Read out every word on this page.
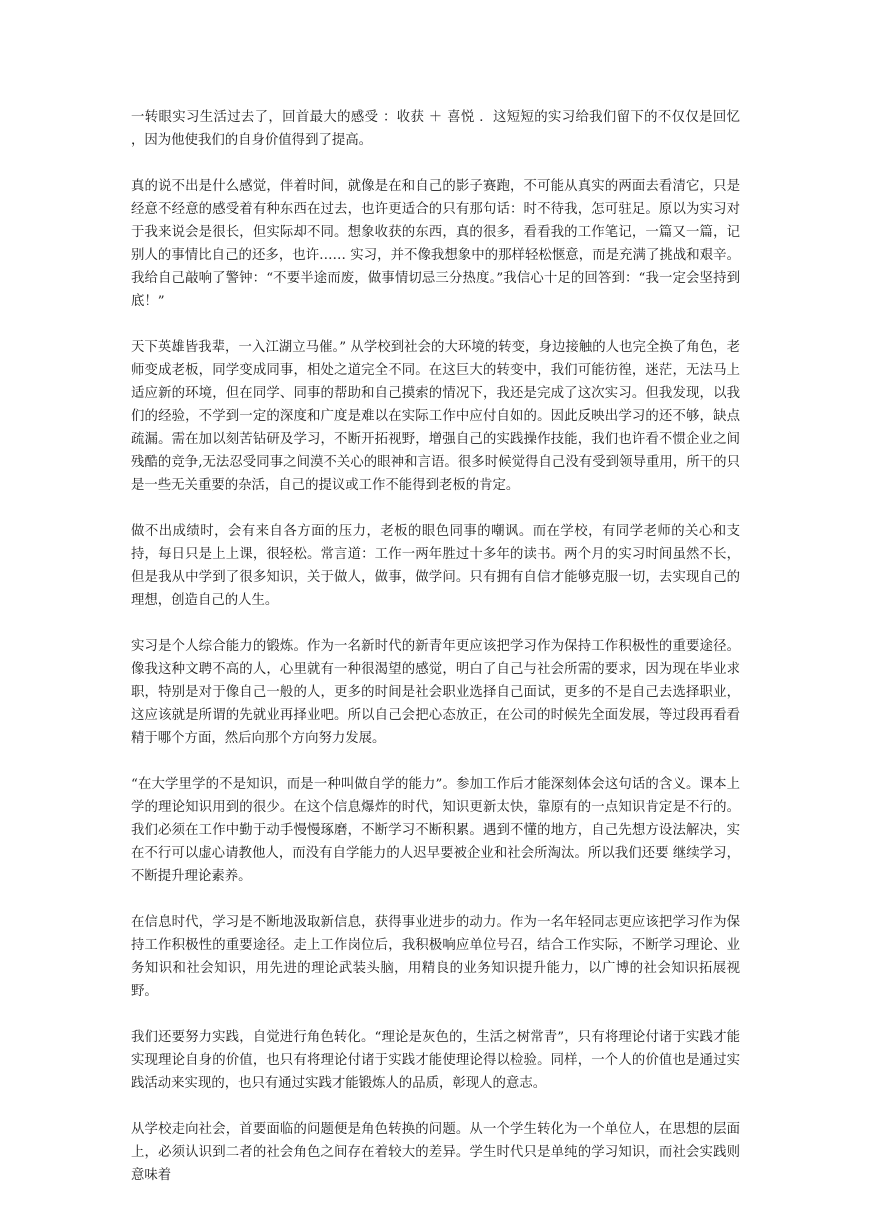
一转眼实习生活过去了，回首最大的感受 ：收获 ＋ 喜悦 ．这短短的实习给我们留下的不仅仅是回忆 ，因为他使我们的自身价值得到了提高。

真的说不出是什么感觉，伴着时间，就像是在和自己的影子赛跑，不可能从真实的两面去看清它，只是经意不经意的感受着有种东西在过去，也许更适合的只有那句话：时不待我，怎可驻足。原以为实习对于我来说会是很长，但实际却不同。想象收获的东西，真的很多，看看我的工作笔记，一篇又一篇，记别人的事情比自己的还多，也许…… 实习，并不像我想象中的那样轻松惬意，而是充满了挑战和艰辛。我给自己敲响了警钟：“不要半途而废，做事情切忌三分热度。”我信心十足的回答到：“我一定会坚持到底！”

天下英雄皆我辈，一入江湖立马催。” 从学校到社会的大环境的转变，身边接触的人也完全换了角色，老师变成老板，同学变成同事，相处之道完全不同。在这巨大的转变中，我们可能彷徨，迷茫，无法马上适应新的环境，但在同学、同事的帮助和自己摸索的情况下，我还是完成了这次实习。但我发现，以我们的经验，不学到一定的深度和广度是难以在实际工作中应付自如的。因此反映出学习的还不够，缺点疏漏。需在加以刻苦钻研及学习，不断开拓视野，增强自己的实践操作技能，我们也许看不惯企业之间残酷的竞争,无法忍受同事之间漠不关心的眼神和言语。很多时候觉得自己没有受到领导重用，所干的只是一些无关重要的杂活，自己的提议或工作不能得到老板的肯定。

做不出成绩时，会有来自各方面的压力，老板的眼色同事的嘲讽。而在学校，有同学老师的关心和支持，每日只是上上课，很轻松。常言道：工作一两年胜过十多年的读书。两个月的实习时间虽然不长，但是我从中学到了很多知识，关于做人，做事，做学问。只有拥有自信才能够克服一切，去实现自己的理想，创造自己的人生。

实习是个人综合能力的锻炼。作为一名新时代的新青年更应该把学习作为保持工作积极性的重要途径。像我这种文聘不高的人，心里就有一种很渴望的感觉，明白了自己与社会所需的要求，因为现在毕业求职，特别是对于像自己一般的人，更多的时间是社会职业选择自己面试，更多的不是自己去选择职业，这应该就是所谓的先就业再择业吧。所以自己会把心态放正，在公司的时候先全面发展，等过段再看看精于哪个方面，然后向那个方向努力发展。

“在大学里学的不是知识，而是一种叫做自学的能力”。参加工作后才能深刻体会这句话的含义。课本上学的理论知识用到的很少。在这个信息爆炸的时代，知识更新太快，靠原有的一点知识肯定是不行的。我们必须在工作中勤于动手慢慢琢磨，不断学习不断积累。遇到不懂的地方，自己先想方设法解决，实在不行可以虚心请教他人，而没有自学能力的人迟早要被企业和社会所淘汰。所以我们还要 继续学习，不断提升理论素养。

在信息时代，学习是不断地汲取新信息，获得事业进步的动力。作为一名年轻同志更应该把学习作为保持工作积极性的重要途径。走上工作岗位后，我积极响应单位号召，结合工作实际，不断学习理论、业务知识和社会知识，用先进的理论武装头脑，用精良的业务知识提升能力，以广博的社会知识拓展视野。

我们还要努力实践，自觉进行角色转化。“理论是灰色的，生活之树常青”，只有将理论付诸于实践才能实现理论自身的价值，也只有将理论付诸于实践才能使理论得以检验。同样，一个人的价值也是通过实践活动来实现的，也只有通过实践才能锻炼人的品质，彰现人的意志。

从学校走向社会，首要面临的问题便是角色转换的问题。从一个学生转化为一个单位人，在思想的层面上，必须认识到二者的社会角色之间存在着较大的差异。学生时代只是单纯的学习知识，而社会实践则意味着
